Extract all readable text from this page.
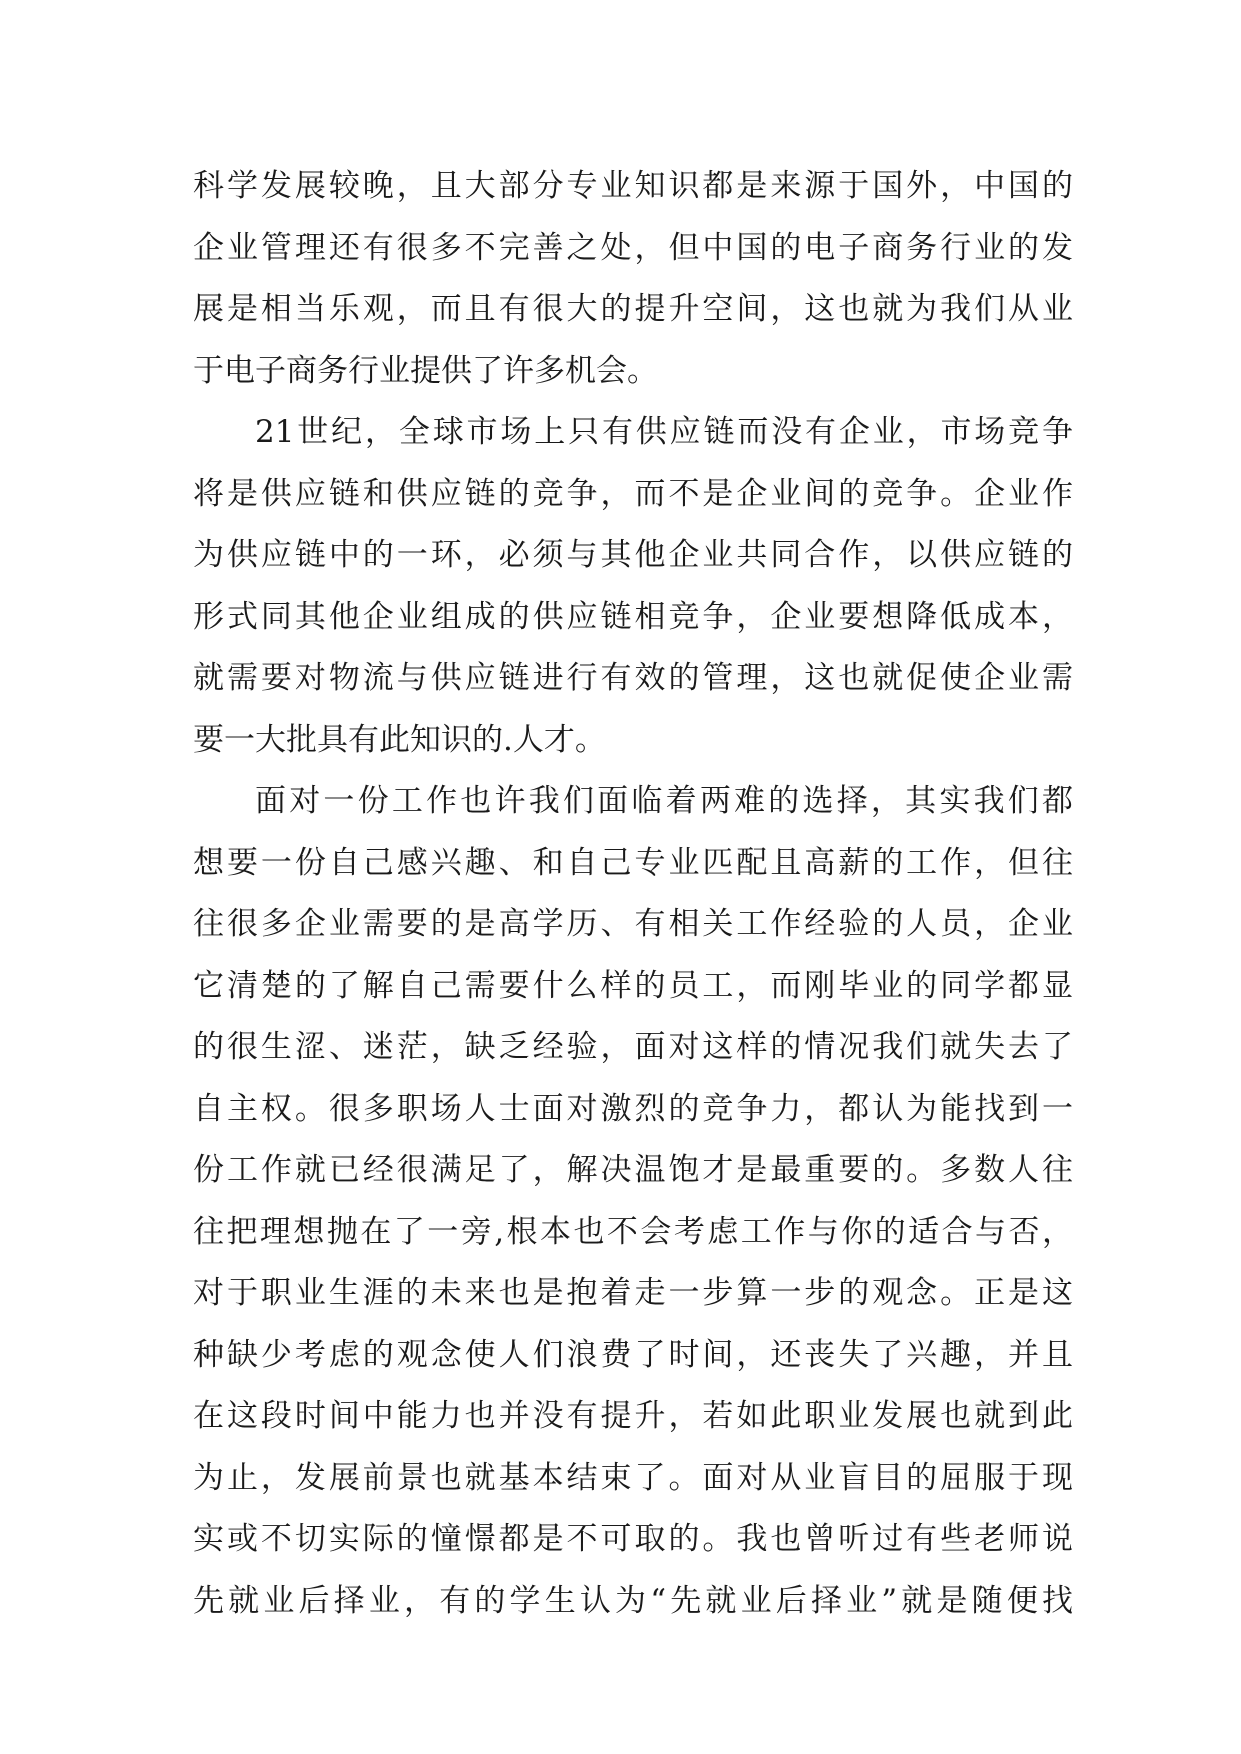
科学发展较晚，且大部分专业知识都是来源于国外，中国的
企业管理还有很多不完善之处，但中国的电子商务行业的发
展是相当乐观，而且有很大的提升空间，这也就为我们从业
于电子商务行业提供了许多机会。
21世纪，全球市场上只有供应链而没有企业，市场竞争
将是供应链和供应链的竞争，而不是企业间的竞争。企业作
为供应链中的一环，必须与其他企业共同合作，以供应链的
形式同其他企业组成的供应链相竞争，企业要想降低成本，
就需要对物流与供应链进行有效的管理，这也就促使企业需
要一大批具有此知识的.人才。
面对一份工作也许我们面临着两难的选择，其实我们都
想要一份自己感兴趣、和自己专业匹配且高薪的工作，但往
往很多企业需要的是高学历、有相关工作经验的人员，企业
它清楚的了解自己需要什么样的员工，而刚毕业的同学都显
的很生涩、迷茫，缺乏经验，面对这样的情况我们就失去了
自主权。很多职场人士面对激烈的竞争力，都认为能找到一
份工作就已经很满足了，解决温饱才是最重要的。多数人往
往把理想抛在了一旁,根本也不会考虑工作与你的适合与否，
对于职业生涯的未来也是抱着走一步算一步的观念。正是这
种缺少考虑的观念使人们浪费了时间，还丧失了兴趣，并且
在这段时间中能力也并没有提升，若如此职业发展也就到此
为止，发展前景也就基本结束了。面对从业盲目的屈服于现
实或不切实际的憧憬都是不可取的。我也曾听过有些老师说
先就业后择业，有的学生认为“先就业后择业”就是随便找
